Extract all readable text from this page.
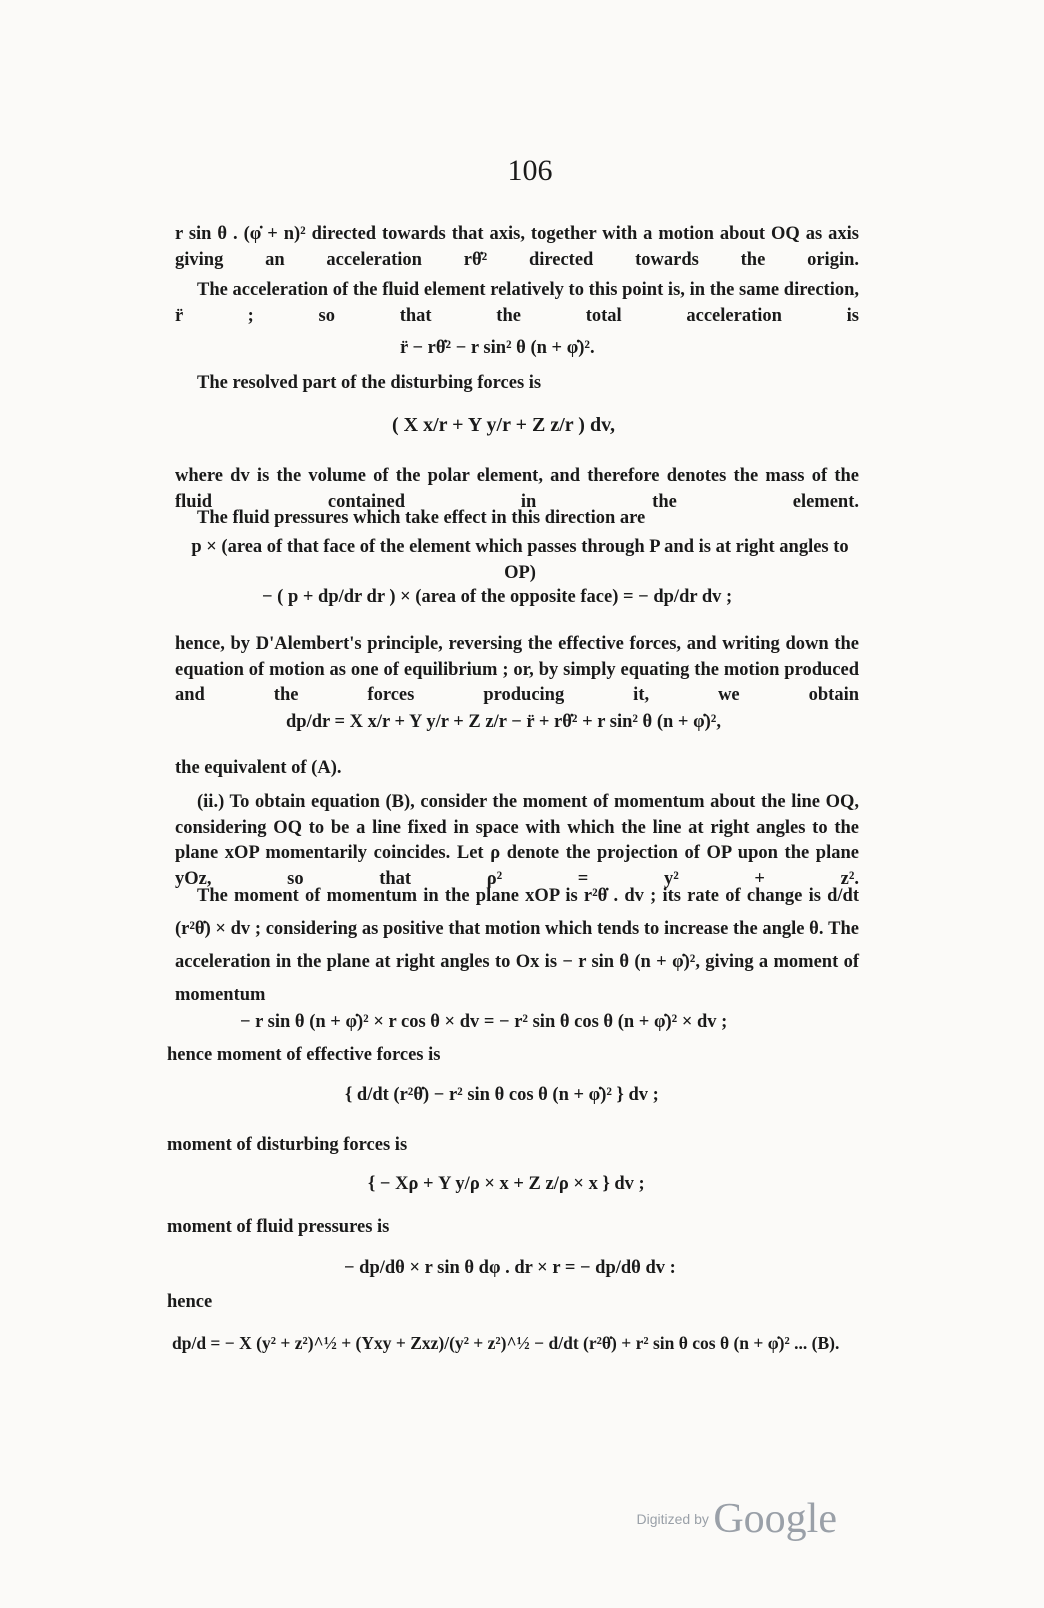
106
r sin θ . (φ̇ + n)² directed towards that axis, together with a motion about OQ as axis giving an acceleration rθ̇² directed towards the origin.
The acceleration of the fluid element relatively to this point is, in the same direction, r̈ ; so that the total acceleration is
r̈ − rθ̇² − r sin² θ (n + φ̇)².
The resolved part of the disturbing forces is
( X x/r + Y y/r + Z z/r ) dv,
where dv is the volume of the polar element, and therefore denotes the mass of the fluid contained in the element.
The fluid pressures which take effect in this direction are
p × (area of that face of the element which passes through P and is at right angles to OP)
− ( p + dp/dr dr ) × (area of the opposite face) = − dp/dr dv ;
hence, by D'Alembert's principle, reversing the effective forces, and writing down the equation of motion as one of equilibrium ; or, by simply equating the motion produced and the forces producing it, we obtain
dp/dr = X x/r + Y y/r + Z z/r − r̈ + rθ̇² + r sin² θ (n + φ̇)²,
the equivalent of (A).
(ii.) To obtain equation (B), consider the moment of momentum about the line OQ, considering OQ to be a line fixed in space with which the line at right angles to the plane xOP momentarily coincides. Let ρ denote the projection of OP upon the plane yOz, so that ρ² = y² + z².
The moment of momentum in the plane xOP is r²θ̇ . dv ; its rate of change is d/dt (r²θ̇) × dv ; considering as positive that motion which tends to increase the angle θ. The acceleration in the plane at right angles to Ox is − r sin θ (n + φ̇)², giving a moment of momentum
− r sin θ (n + φ̇)² × r cos θ × dv = − r² sin θ cos θ (n + φ̇)² × dv ;
hence moment of effective forces is
{ d/dt (r²θ̇) − r² sin θ cos θ (n + φ̇)² } dv ;
moment of disturbing forces is
{ − Xρ + Y y/ρ × x + Z z/ρ × x } dv ;
moment of fluid pressures is
− dp/dθ × r sin θ dφ . dr × r = − dp/dθ dv :
hence
dp/d = − X (y² + z²)^½ + (Yxy + Zxz)/(y² + z²)^½ − d/dt (r²θ̇) + r² sin θ cos θ (n + φ̇)² ... (B).
Digitized by Google
